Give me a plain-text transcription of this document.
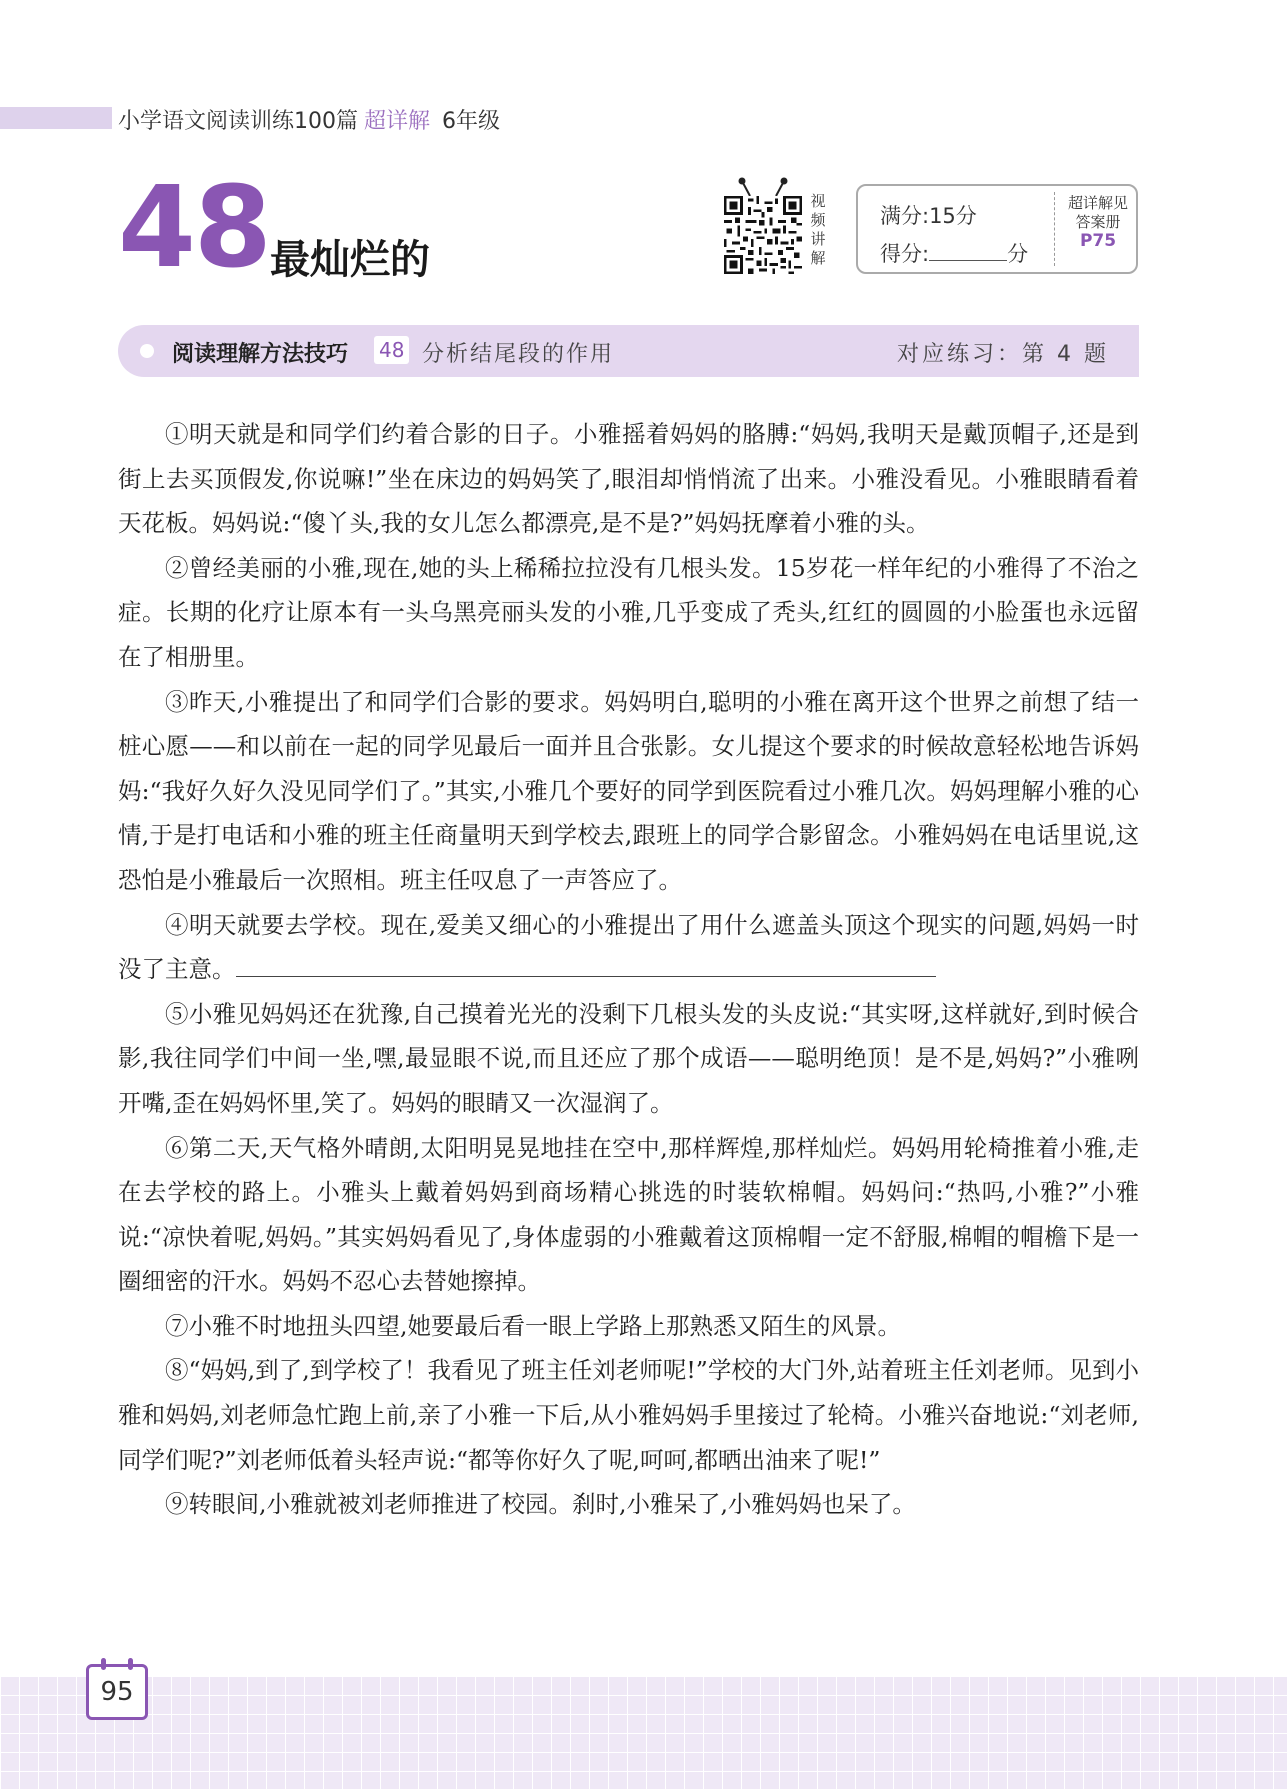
小学语文阅读训练100篇 超详解 6年级
48 最灿烂的
视
频
讲
解
满分:15分
得分:	分
超详解见
答案册
P75
阅读理解方法技巧 48 分析结尾段的作用	对应练习：第 4 题

①明天就是和同学们约着合影的日子。小雅摇着妈妈的胳膊:“妈妈,我明天是戴顶帽子,还是到街上去买顶假发,你说嘛!”坐在床边的妈妈笑了,眼泪却悄悄流了出来。小雅没看见。小雅眼睛看着天花板。妈妈说:“傻丫头,我的女儿怎么都漂亮,是不是?”妈妈抚摩着小雅的头。

②曾经美丽的小雅,现在,她的头上稀稀拉拉没有几根头发。15岁花一样年纪的小雅得了不治之症。长期的化疗让原本有一头乌黑亮丽头发的小雅,几乎变成了秃头,红红的圆圆的小脸蛋也永远留在了相册里。

③昨天,小雅提出了和同学们合影的要求。妈妈明白,聪明的小雅在离开这个世界之前想了结一桩心愿——和以前在一起的同学见最后一面并且合张影。女儿提这个要求的时候故意轻松地告诉妈妈:“我好久好久没见同学们了。”其实,小雅几个要好的同学到医院看过小雅几次。妈妈理解小雅的心情,于是打电话和小雅的班主任商量明天到学校去,跟班上的同学合影留念。小雅妈妈在电话里说,这恐怕是小雅最后一次照相。班主任叹息了一声答应了。

④明天就要去学校。现在,爱美又细心的小雅提出了用什么遮盖头顶这个现实的问题,妈妈一时没了主意。

⑤小雅见妈妈还在犹豫,自己摸着光光的没剩下几根头发的头皮说:“其实呀,这样就好,到时候合影,我往同学们中间一坐,嘿,最显眼不说,而且还应了那个成语——聪明绝顶！是不是,妈妈?”小雅咧开嘴,歪在妈妈怀里,笑了。妈妈的眼睛又一次湿润了。

⑥第二天,天气格外晴朗,太阳明晃晃地挂在空中,那样辉煌,那样灿烂。妈妈用轮椅推着小雅,走在去学校的路上。小雅头上戴着妈妈到商场精心挑选的时装软棉帽。妈妈问:“热吗,小雅?”小雅说:“凉快着呢,妈妈。”其实妈妈看见了,身体虚弱的小雅戴着这顶棉帽一定不舒服,棉帽的帽檐下是一圈细密的汗水。妈妈不忍心去替她擦掉。

⑦小雅不时地扭头四望,她要最后看一眼上学路上那熟悉又陌生的风景。

⑧“妈妈,到了,到学校了！我看见了班主任刘老师呢!”学校的大门外,站着班主任刘老师。见到小雅和妈妈,刘老师急忙跑上前,亲了小雅一下后,从小雅妈妈手里接过了轮椅。小雅兴奋地说:“刘老师,同学们呢?”刘老师低着头轻声说:“都等你好久了呢,呵呵,都晒出油来了呢!”

⑨转眼间,小雅就被刘老师推进了校园。刹时,小雅呆了,小雅妈妈也呆了。

95
